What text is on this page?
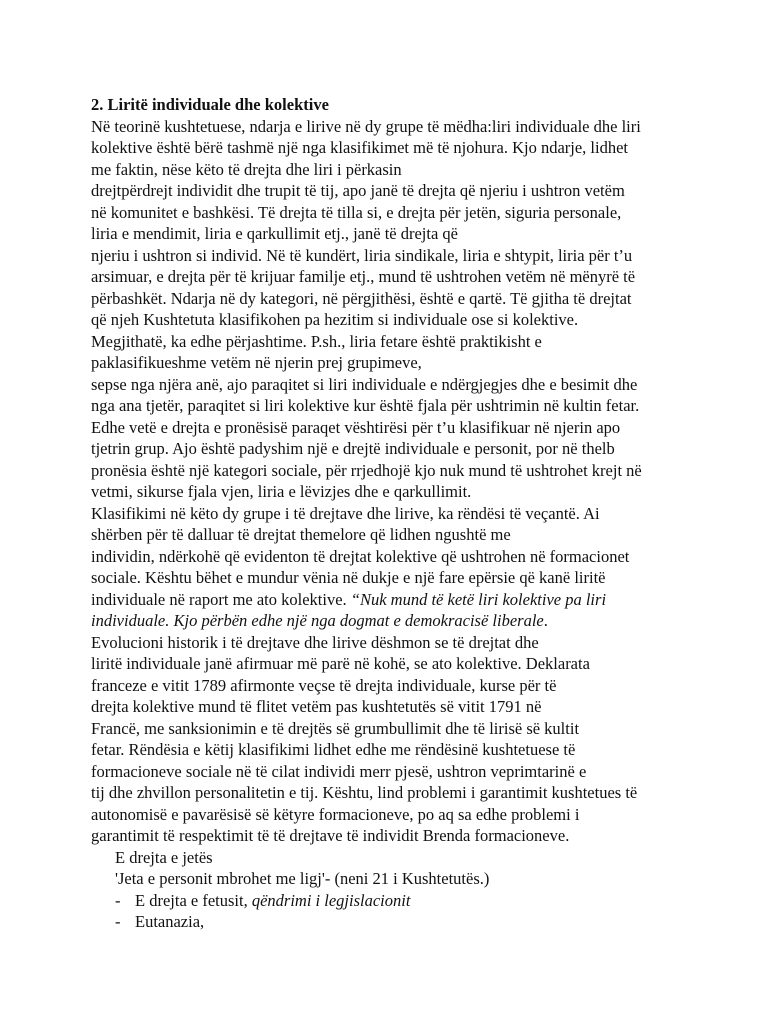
2. Liritë individuale dhe kolektive
Në teorinë kushtetuese, ndarja e lirive në dy grupe të mëdha:liri individuale dhe liri
kolektive është bërë tashmë një nga klasifikimet më të njohura. Kjo ndarje, lidhet
me faktin, nëse këto të drejta dhe liri i përkasin
drejtpërdrejt individit dhe trupit të tij, apo janë të drejta që njeriu i ushtron vetëm
në komunitet e bashkësi. Të drejta të tilla si, e drejta për jetën, siguria personale,
liria e mendimit, liria e qarkullimit etj., janë të drejta që
njeriu i ushtron si individ. Në të kundërt, liria sindikale, liria e shtypit, liria për t’u
arsimuar, e drejta për të krijuar familje etj., mund të ushtrohen vetëm në mënyrë të
përbashkët. Ndarja në dy kategori, në përgjithësi, është e qartë. Të gjitha të drejtat
që njeh Kushtetuta klasifikohen pa hezitim si individuale ose si kolektive.
Megjithatë, ka edhe përjashtime. P.sh., liria fetare është praktikisht e
paklasifikueshme vetëm në njerin prej grupimeve,
sepse nga njëra anë, ajo paraqitet si liri individuale e ndërgjegjes dhe e besimit dhe
nga ana tjetër, paraqitet si liri kolektive kur është fjala për ushtrimin në kultin fetar.
Edhe vetë e drejta e pronësisë paraqet vështirësi për t’u klasifikuar në njerin apo
tjetrin grup. Ajo është padyshim një e drejtë individuale e personit, por në thelb
pronësia është një kategori sociale, për rrjedhojë kjo nuk mund të ushtrohet krejt në
vetmi, sikurse fjala vjen, liria e lëvizjes dhe e qarkullimit.
Klasifikimi në këto dy grupe i të drejtave dhe lirive, ka rëndësi të veçantë. Ai
shërben për të dalluar të drejtat themelore që lidhen ngushtë me
individin, ndërkohë që evidenton të drejtat kolektive që ushtrohen në formacionet
sociale. Kështu bëhet e mundur vënia në dukje e një fare epërsie që kanë liritë
individuale në raport me ato kolektive. “Nuk mund të ketë liri kolektive pa liri
individuale. Kjo përbën edhe një nga dogmat e demokracisë liberale.
Evolucioni historik i të drejtave dhe lirive dëshmon se të drejtat dhe
liritë individuale janë afirmuar më parë në kohë, se ato kolektive. Deklarata
franceze e vitit 1789 afirmonte veçse të drejta individuale, kurse për të
drejta kolektive mund të flitet vetëm pas kushtetutës së vitit 1791 në
Francë, me sanksionimin e të drejtës së grumbullimit dhe të lirisë së kultit
fetar. Rëndësia e këtij klasifikimi lidhet edhe me rëndësinë kushtetuese të
formacioneve sociale në të cilat individi merr pjesë, ushtron veprimtarinë e
tij dhe zhvillon personalitetin e tij. Kështu, lind problemi i garantimit kushtetues të
autonomisë e pavarësisë së këtyre formacioneve, po aq sa edhe problemi i
garantimit të respektimit të të drejtave të individit Brenda formacioneve.
E drejta e jetës
'Jeta e personit mbrohet me ligj'- (neni 21 i Kushtetutës.)
- E drejta e fetusit, qëndrimi i legjislacionit
- Eutanazia,
